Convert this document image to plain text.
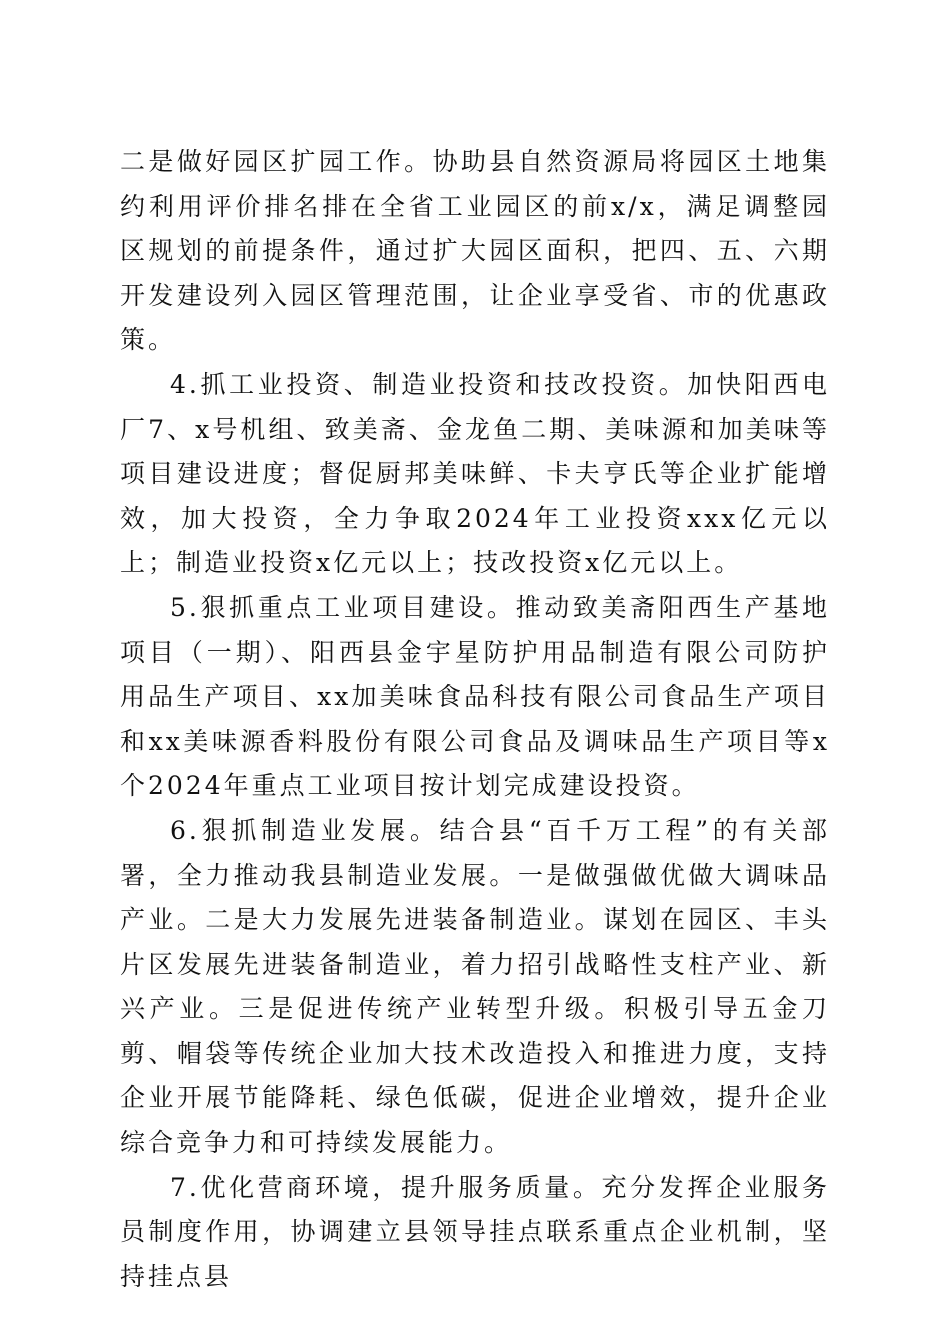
二是做好园区扩园工作。协助县自然资源局将园区土地集约利用评价排名排在全省工业园区的前x/x，满足调整园区规划的前提条件，通过扩大园区面积，把四、五、六期开发建设列入园区管理范围，让企业享受省、市的优惠政策。

4.抓工业投资、制造业投资和技改投资。加快阳西电厂7、x号机组、致美斋、金龙鱼二期、美味源和加美味等项目建设进度；督促厨邦美味鲜、卡夫亨氏等企业扩能增效，加大投资，全力争取2024年工业投资xxx亿元以上；制造业投资x亿元以上；技改投资x亿元以上。

5.狠抓重点工业项目建设。推动致美斋阳西生产基地项目（一期）、阳西县金宇星防护用品制造有限公司防护用品生产项目、xx加美味食品科技有限公司食品生产项目和xx美味源香料股份有限公司食品及调味品生产项目等x个2024年重点工业项目按计划完成建设投资。

6.狠抓制造业发展。结合县“百千万工程”的有关部署，全力推动我县制造业发展。一是做强做优做大调味品产业。二是大力发展先进装备制造业。谋划在园区、丰头片区发展先进装备制造业，着力招引战略性支柱产业、新兴产业。三是促进传统产业转型升级。积极引导五金刀剪、帽袋等传统企业加大技术改造投入和推进力度，支持企业开展节能降耗、绿色低碳，促进企业增效，提升企业综合竞争力和可持续发展能力。

7.优化营商环境，提升服务质量。充分发挥企业服务员制度作用，协调建立县领导挂点联系重点企业机制，坚持挂点县
